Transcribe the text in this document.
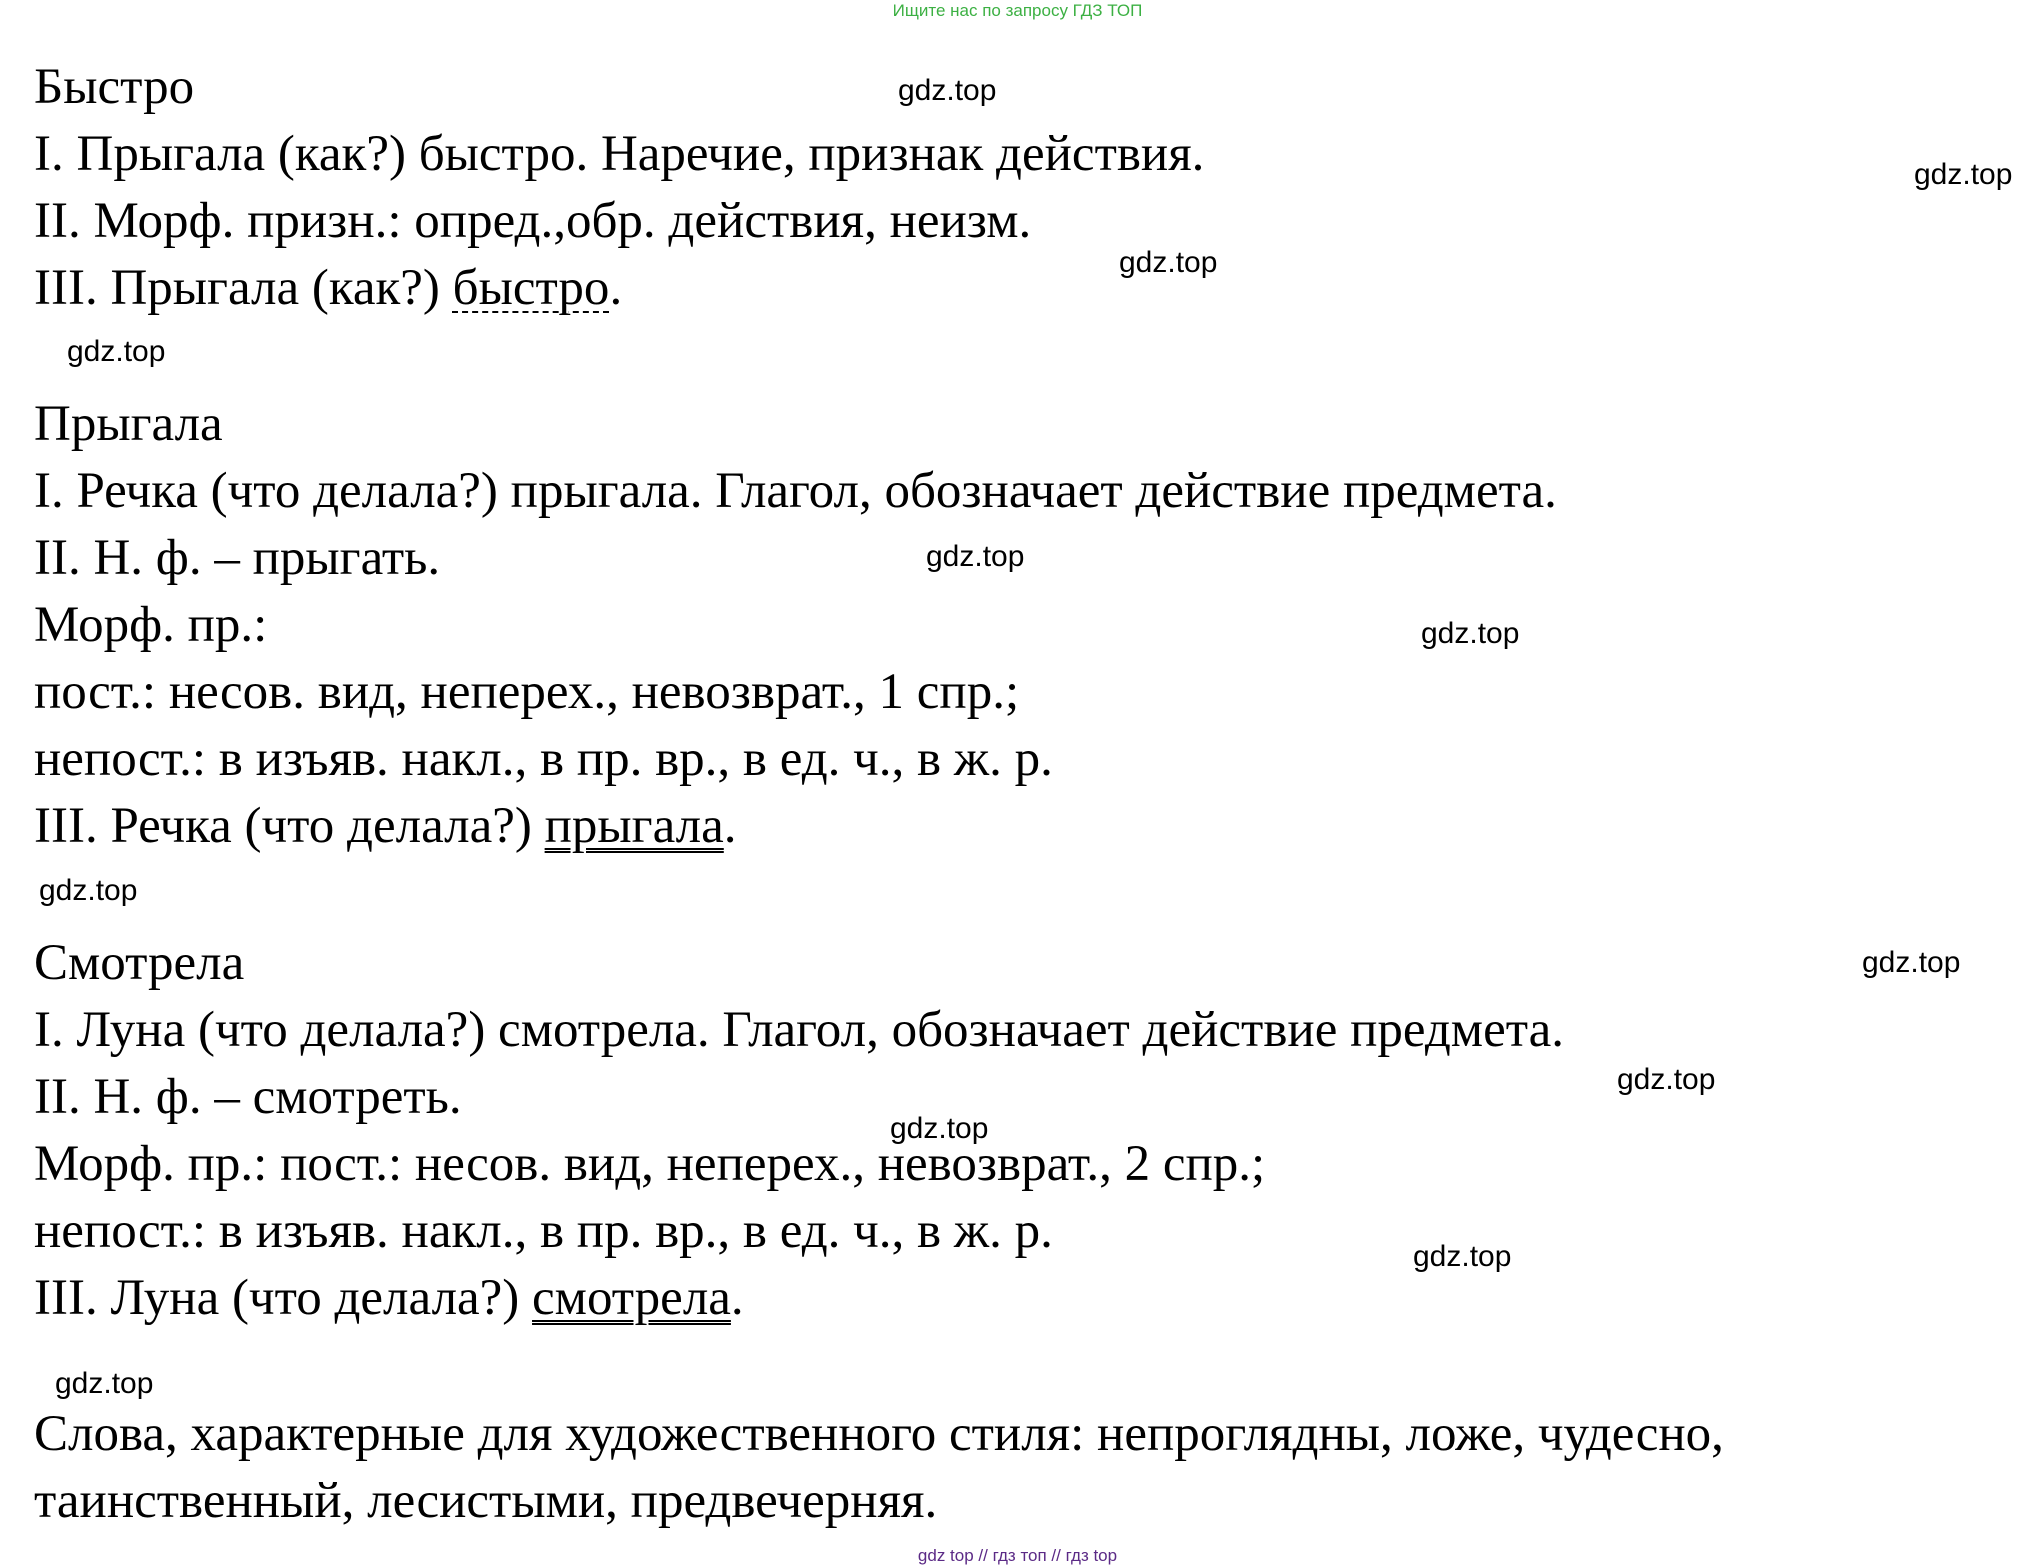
Ищите нас по запросу ГДЗ ТОП
Быстро
I. Прыгала (как?) быстро. Наречие, признак действия.
II. Морф. призн.: опред.,обр. действия, неизм.
III. Прыгала (как?) быстро.
Прыгала
I. Речка (что делала?) прыгала. Глагол, обозначает действие предмета.
II. Н. ф. – прыгать.
Морф. пр.:
пост.: несов. вид, неперех., невозврат., 1 спр.;
непост.: в изъяв. накл., в пр. вр., в ед. ч., в ж. р.
III. Речка (что делала?) прыгала.
Смотрела
I. Луна (что делала?) смотрела. Глагол, обозначает действие предмета.
II. Н. ф. – смотреть.
Морф. пр.: пост.: несов. вид, неперех., невозврат., 2 спр.;
непост.: в изъяв. накл., в пр. вр., в ед. ч., в ж. р.
III. Луна (что делала?) смотрела.
Слова, характерные для художественного стиля: непроглядны, ложе, чудесно,
таинственный, лесистыми, предвечерняя.
gdz.top
gdz.top
gdz.top
gdz.top
gdz.top
gdz.top
gdz.top
gdz.top
gdz.top
gdz.top
gdz.top
gdz.top
gdz top // гдз топ // гдз top
